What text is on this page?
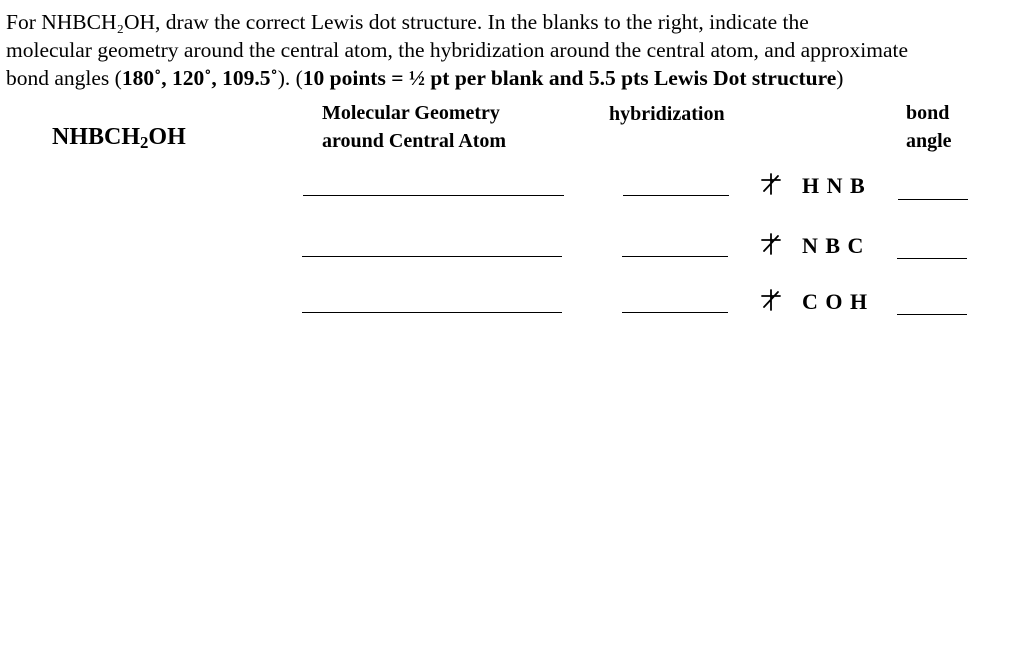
For NHBCH₂OH, draw the correct Lewis dot structure. In the blanks to the right, indicate the
molecular geometry around the central atom, the hybridization around the central atom, and approximate
bond angles (180˚, 120˚, 109.5˚). (10 points = ½ pt per blank and 5.5 pts Lewis Dot structure)
Molecular Geometry
around Central Atom
hybridization	bond
angle
$NHBCH_2OH$
H N B
N B C
C O H
